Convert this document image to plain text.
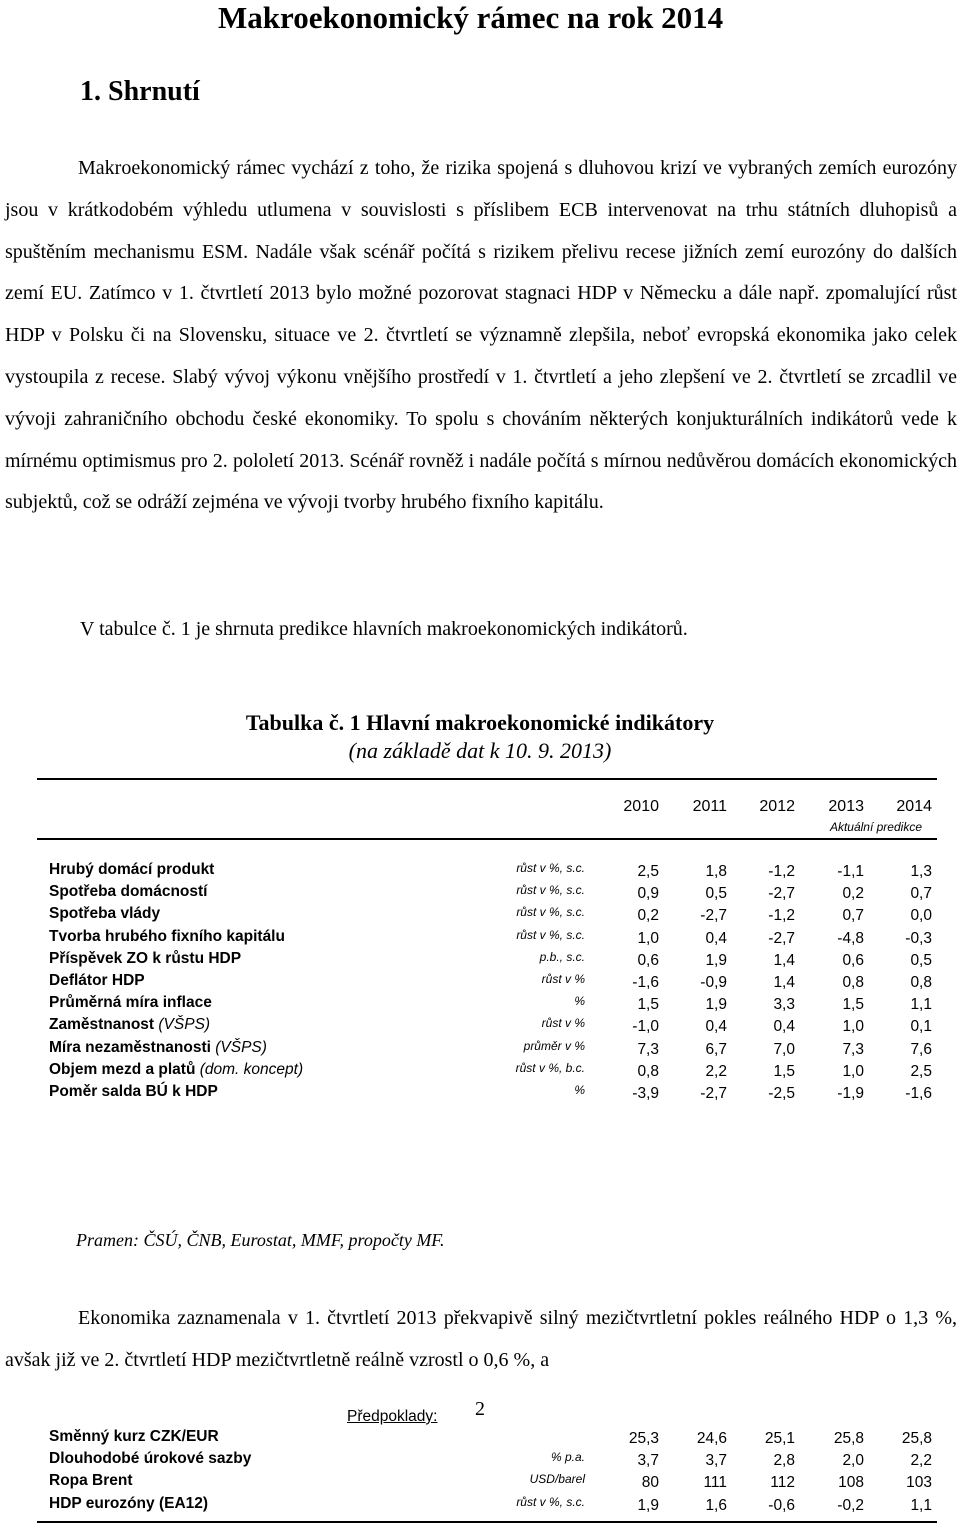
Makroekonomický rámec na rok 2014
1. Shrnutí

Makroekonomický rámec vychází z toho, že rizika spojená s dluhovou krizí ve vybraných zemích eurozóny jsou v krátkodobém výhledu utlumena v souvislosti s příslibem ECB intervenovat na trhu státních dluhopisů a spuštěním mechanismu ESM. Nadále však scénář počítá s rizikem přelivu recese jižních zemí eurozóny do dalších zemí EU. Zatímco v 1. čtvrtletí 2013 bylo možné pozorovat stagnaci HDP v Německu a dále např. zpomalující růst HDP v Polsku či na Slovensku, situace ve 2. čtvrtletí se významně zlepšila, neboť evropská ekonomika jako celek vystoupila z recese. Slabý vývoj výkonu vnějšího prostředí v 1. čtvrtletí a jeho zlepšení ve 2. čtvrtletí se zrcadlil ve vývoji zahraničního obchodu české ekonomiky. To spolu s chováním některých konjukturálních indikátorů vede k mírnému optimismus pro 2. pololetí 2013. Scénář rovněž i nadále počítá s mírnou nedůvěrou domácích ekonomických subjektů, což se odráží zejména ve vývoji tvorby hrubého fixního kapitálu.

V tabulce č. 1 je shrnuta predikce hlavních makroekonomických indikátorů.

Tabulka č. 1 Hlavní makroekonomické indikátory
(na základě dat k 10. 9. 2013)
Aktuální predikce
2010	2011	2012	2013	2014
Předpoklady:
Hrubý domácí produkt	růst v %, s.c.	2,5	1,8	-1,2	-1,1	1,3
Spotřeba domácností	růst v %, s.c.	0,9	0,5	-2,7	0,2	0,7
Spotřeba vlády	růst v %, s.c.	0,2	-2,7	-1,2	0,7	0,0
Tvorba hrubého fixního kapitálu	růst v %, s.c.	1,0	0,4	-2,7	-4,8	-0,3
Příspěvek ZO k růstu HDP	p.b., s.c.	0,6	1,9	1,4	0,6	0,5
Deflátor HDP	růst v %	-1,6	-0,9	1,4	0,8	0,8
Průměrná míra inflace	%	1,5	1,9	3,3	1,5	1,1
Zaměstnanost (VŠPS)	růst v %	-1,0	0,4	0,4	1,0	0,1
Míra nezaměstnanosti (VŠPS)	průměr v %	7,3	6,7	7,0	7,3	7,6
Objem mezd a platů (dom. koncept)	růst v %, b.c.	0,8	2,2	1,5	1,0	2,5
Poměr salda BÚ k HDP	%	-3,9	-2,7	-2,5	-1,9	-1,6
Směnný kurz CZK/EUR	25,3	24,6	25,1	25,8	25,8
Dlouhodobé úrokové sazby	% p.a.	3,7	3,7	2,8	2,0	2,2
Ropa Brent	USD/barel	80	111	112	108	103
HDP eurozóny (EA12)	růst v %, s.c.	1,9	1,6	-0,6	-0,2	1,1
Pramen: ČSÚ, ČNB, Eurostat, MMF, propočty MF.

Ekonomika zaznamenala v 1. čtvrtletí 2013 překvapivě silný mezičtvrtletní pokles reálného HDP o 1,3 %, avšak již ve 2. čtvrtletí HDP mezičtvrtletně reálně vzrostl o 0,6 %, a

2
